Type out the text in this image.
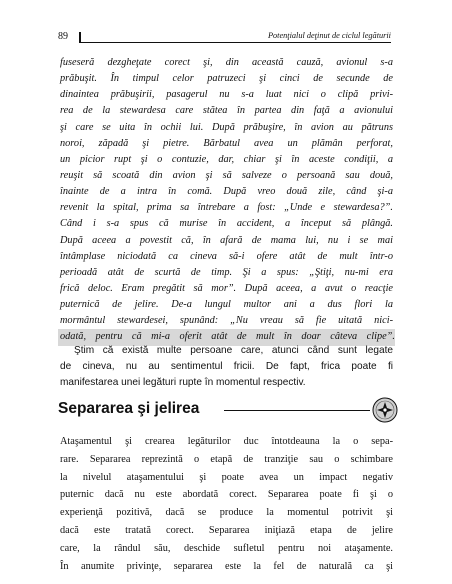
89	Potenţialul deţinut de ciclul legăturii
fuseseră dezgheţate corect şi, din această cauză, avionul s-a
prăbuşit. În timpul celor patruzeci şi cinci de secunde de
dinaintea prăbuşirii, pasagerul nu s-a luat nici o clipă privi-
rea de la stewardesa care stătea în partea din faţă a avionului
şi care se uita în ochii lui. După prăbuşire, în avion au pătruns
noroi, zăpadă şi pietre. Bărbatul avea un plămân perforat,
un picior rupt şi o contuzie, dar, chiar şi în aceste condiţii, a
reuşit să scoată din avion şi să salveze o persoană sau două,
înainte de a intra în comă. După vreo două zile, când şi-a
revenit la spital, prima sa întrebare a fost: „Unde e stewardesa?”.
Când i s-a spus că murise în accident, a început să plângă.
După aceea a povestit că, în afară de mama lui, nu i se mai
întâmplase niciodată ca cineva să-i ofere atât de mult într-o
perioadă atât de scurtă de timp. Şi a spus: „Ştiţi, nu-mi era
frică deloc. Eram pregătit să mor”. După aceea, a avut o reacţie
puternică de jelire. De-a lungul multor ani a dus flori la
mormântul stewardesei, spunând: „Nu vreau să fie uitată nici-
odată, pentru că mi-a oferit atât de mult în doar câteva clipe”.
Ştim că există multe persoane care, atunci când sunt legate
de cineva, nu au sentimentul fricii. De fapt, frica poate fi
manifestarea unei legături rupte în momentul respectiv.
Separarea şi jelirea
Ataşamentul şi crearea legăturilor duc întotdeauna la o sepa-
rare. Separarea reprezintă o etapă de tranziţie sau o schimbare
la nivelul ataşamentului şi poate avea un impact negativ
puternic dacă nu este abordată corect. Separarea poate fi şi o
experienţă pozitivă, dacă se produce la momentul potrivit şi
dacă este tratată corect. Separarea iniţiază etapa de jelire
care, la rândul său, deschide sufletul pentru noi ataşamente.
În anumite privinţe, separarea este la fel de naturală ca şi
